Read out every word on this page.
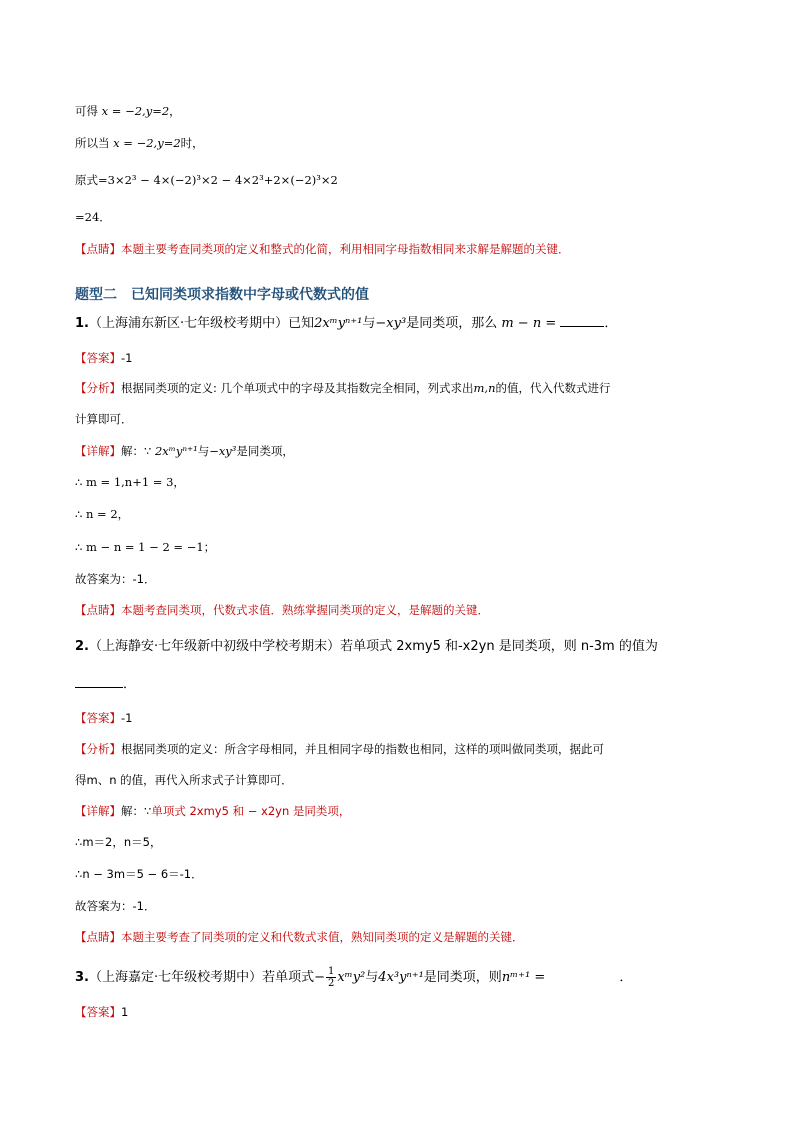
可得 x = −2,y=2，
所以当 x = −2,y=2时，
原式=3×2³ − 4×(−2)³×2 − 4×2³+2×(−2)³×2
=24．
【点睛】本题主要考查同类项的定义和整式的化简，利用相同字母指数相同来求解是解题的关键．
题型二　已知同类项求指数中字母或代数式的值
1.（上海浦东新区·七年级校考期中）已知2xᵐyⁿ⁺¹与−xy³是同类项，那么 m − n =	．
【答案】-1
【分析】根据同类项的定义: 几个单项式中的字母及其指数完全相同，列式求出m,n的值，代入代数式进行
计算即可．
【详解】解：∵ 2xᵐyⁿ⁺¹与−xy³是同类项，
∴ m = 1,n+1 = 3，
∴ n = 2，
∴ m − n = 1 − 2 = −1；
故答案为：-1．
【点睛】本题考查同类项，代数式求值．熟练掌握同类项的定义，是解题的关键．
2.（上海静安·七年级新中初级中学校考期末）若单项式 2xmy5 和-x2yn 是同类项，则 n-3m 的值为
．
【答案】-1
【分析】根据同类项的定义：所含字母相同，并且相同字母的指数也相同，这样的项叫做同类项，据此可
得m、n 的值，再代入所求式子计算即可．
【详解】解：∵单项式 2xmy5 和 − x2yn 是同类项，
∴m＝2，n＝5，
∴n − 3m＝5 − 6＝-1．
故答案为：-1．
【点睛】本题主要考查了同类项的定义和代数式求值，熟知同类项的定义是解题的关键．
3.（上海嘉定·七年级校考期中）若单项式− $\frac{1}{2}$ xᵐy²与4x³yⁿ⁺¹是同类项，则nᵐ⁺¹ =	．
【答案】1
